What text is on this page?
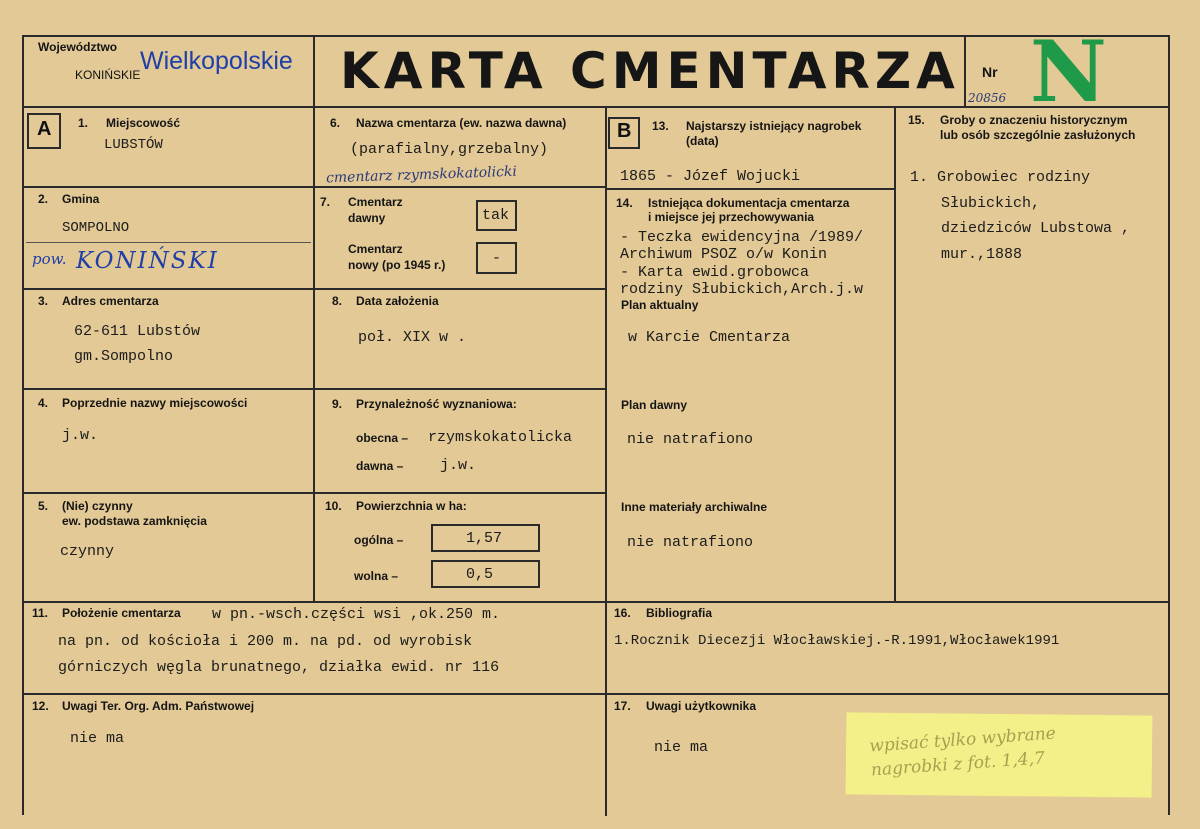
Województwo Wielkopolskie
KONIŃSKIE	KARTA CMENTARZA Nr N
20856
A 1. Miejscowość
LUBSTÓW
2. Gmina
SOMPOLNO
pow. KONIŃSKI
3. Adres cmentarza
62-611 Lubstów
gm.Sompolno
4. Poprzednie nazwy miejscowości
j.w.
5. (Nie) czynny
ew. podstawa zamknięcia
czynny
6. Nazwa cmentarza (ew. nazwa dawna)
(parafialny,grzebalny)
cmentarz rzymskokatolicki
7. Cmentarz
dawny	tak
Cmentarz
nowy (po 1945 r.)	-
8. Data założenia
poł. XIX w .
9. Przynależność wyznaniowa:
obecna – rzymskokatolicka
dawna – j.w.
10. Powierzchnia w ha:
ogólna –	1,57
wolna –	0,5
B 13. Najstarszy istniejący nagrobek
(data)
1865 - Józef Wojucki
14. Istniejąca dokumentacja cmentarza
i miejsce jej przechowywania
- Teczka ewidencyjna /1989/
Archiwum PSOZ o/w Konin
- Karta ewid.grobowca
rodziny Słubickich,Arch.j.w
Plan aktualny
w Karcie Cmentarza
Plan dawny
nie natrafiono
Inne materiały archiwalne
nie natrafiono
15. Groby o znaczeniu historycznym
lub osób szczególnie zasłużonych
1. Grobowiec rodziny
Słubickich,
dziedziców Lubstowa ,
mur.,1888
11. Położenie cmentarza w pn.-wsch.części wsi ,ok.250 m.
na pn. od kościoła i 200 m. na pd. od wyrobisk
górniczych węgla brunatnego, działka ewid. nr 116
16. Bibliografia
1.Rocznik Diecezji Włocławskiej.-R.1991,Włocławek1991
12. Uwagi Ter. Org. Adm. Państwowej
nie ma
17. Uwagi użytkownika
nie ma	wpisać tylko wybrane
nagrobki z fot. 1,4,7
